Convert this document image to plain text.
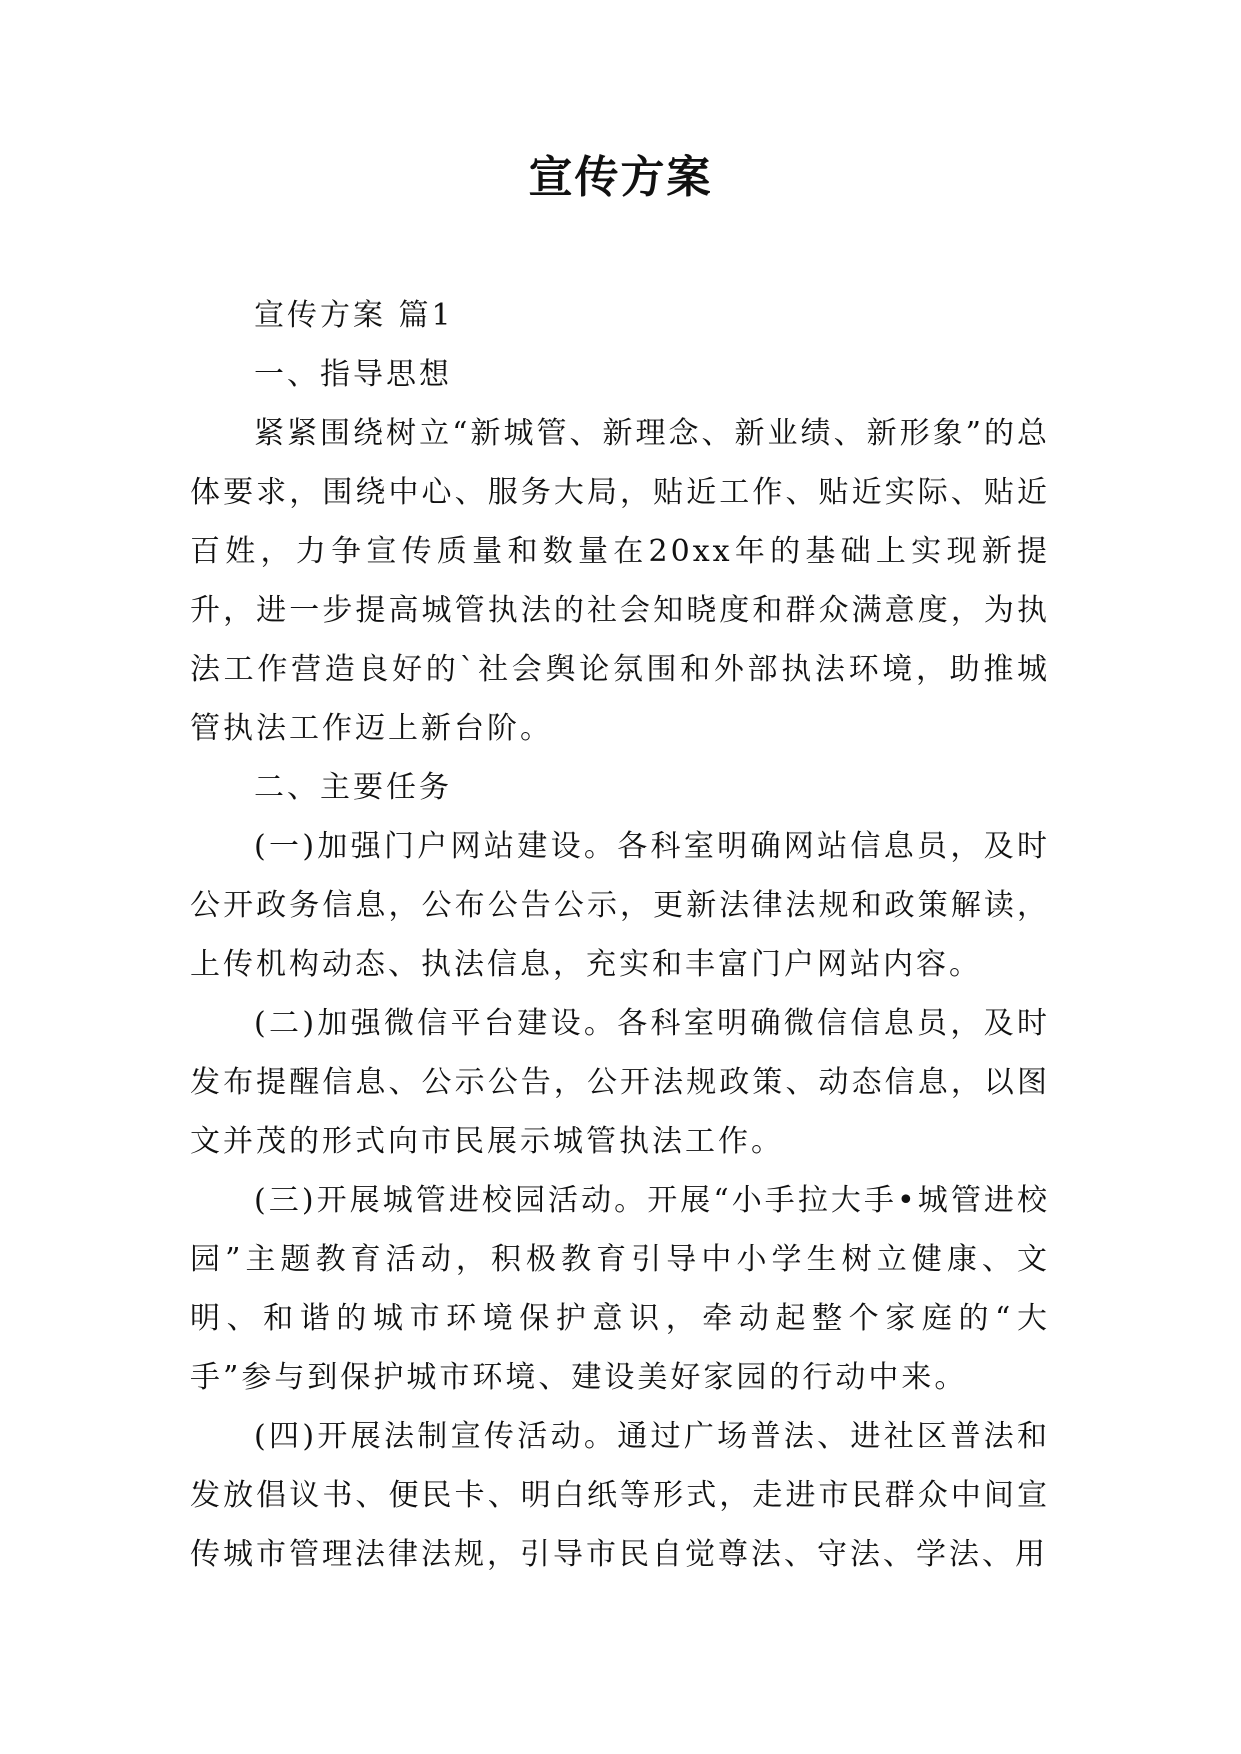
宣传方案

宣传方案 篇1

一、指导思想

紧紧围绕树立“新城管、新理念、新业绩、新形象”的总体要求，围绕中心、服务大局，贴近工作、贴近实际、贴近百姓，力争宣传质量和数量在20xx年的基础上实现新提升，进一步提高城管执法的社会知晓度和群众满意度，为执法工作营造良好的`社会舆论氛围和外部执法环境，助推城管执法工作迈上新台阶。

二、主要任务

(一)加强门户网站建设。各科室明确网站信息员，及时公开政务信息，公布公告公示，更新法律法规和政策解读，上传机构动态、执法信息，充实和丰富门户网站内容。

(二)加强微信平台建设。各科室明确微信信息员，及时发布提醒信息、公示公告，公开法规政策、动态信息，以图文并茂的形式向市民展示城管执法工作。

(三)开展城管进校园活动。开展“小手拉大手•城管进校园”主题教育活动，积极教育引导中小学生树立健康、文明、和谐的城市环境保护意识，牵动起整个家庭的“大手”参与到保护城市环境、建设美好家园的行动中来。

(四)开展法制宣传活动。通过广场普法、进社区普法和发放倡议书、便民卡、明白纸等形式，走进市民群众中间宣传城市管理法律法规，引导市民自觉尊法、守法、学法、用
